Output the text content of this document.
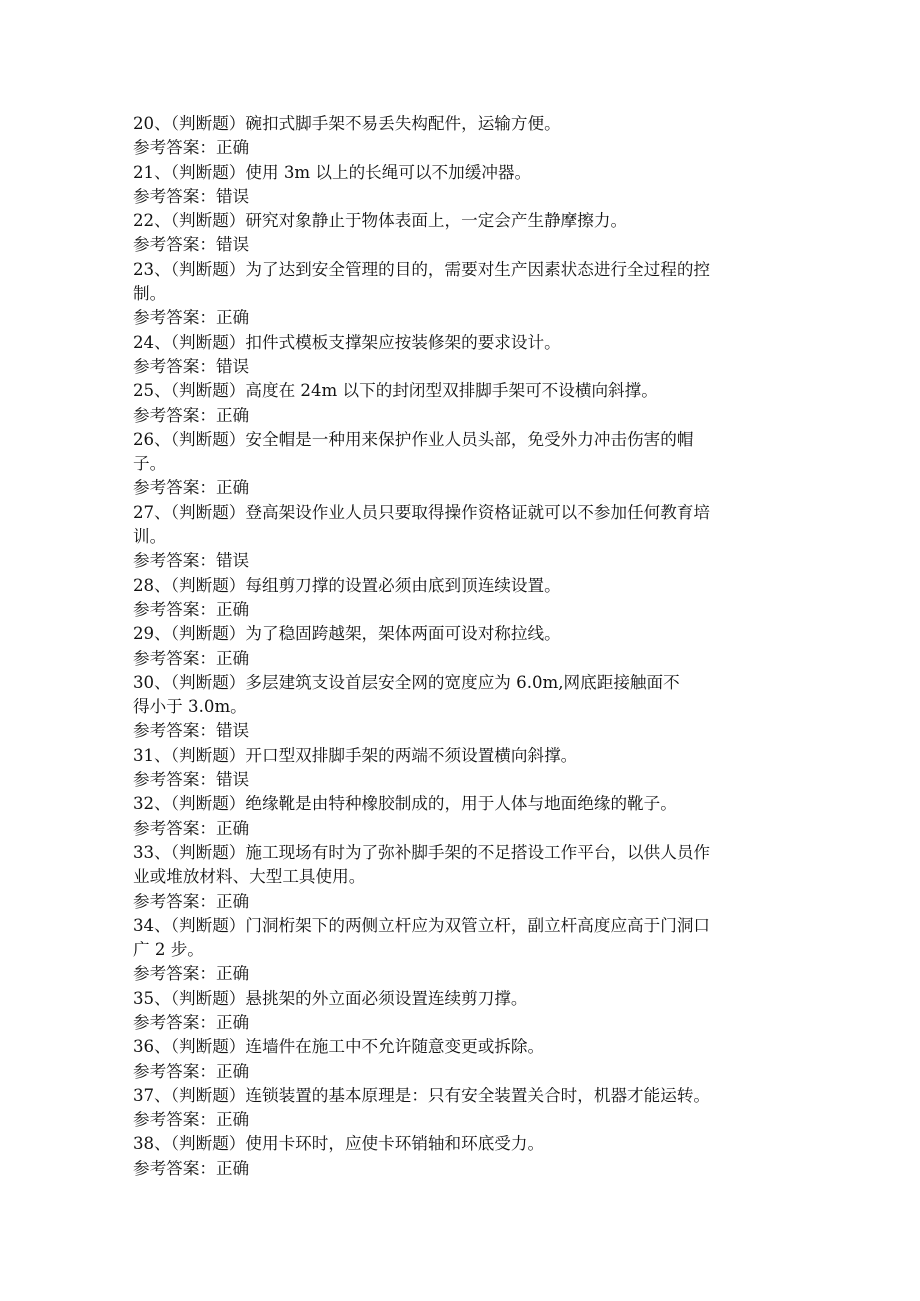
20、（判断题）碗扣式脚手架不易丢失构配件，运输方便。
参考答案：正确
21、（判断题）使用 3m 以上的长绳可以不加缓冲器。
参考答案：错误
22、（判断题）研究对象静止于物体表面上，一定会产生静摩擦力。
参考答案：错误
23、（判断题）为了达到安全管理的目的，需要对生产因素状态进行全过程的控
制。
参考答案：正确
24、（判断题）扣件式模板支撑架应按装修架的要求设计。
参考答案：错误
25、（判断题）高度在 24m 以下的封闭型双排脚手架可不设横向斜撑。
参考答案：正确
26、（判断题）安全帽是一种用来保护作业人员头部，免受外力冲击伤害的帽
子。
参考答案：正确
27、（判断题）登高架设作业人员只要取得操作资格证就可以不参加任何教育培
训。
参考答案：错误
28、（判断题）每组剪刀撑的设置必须由底到顶连续设置。
参考答案：正确
29、（判断题）为了稳固跨越架，架体两面可设对称拉线。
参考答案：正确
30、（判断题）多层建筑支设首层安全网的宽度应为 6.0m,网底距接触面不
得小于 3.0m。
参考答案：错误
31、（判断题）开口型双排脚手架的两端不须设置横向斜撑。
参考答案：错误
32、（判断题）绝缘靴是由特种橡胶制成的，用于人体与地面绝缘的靴子。
参考答案：正确
33、（判断题）施工现场有时为了弥补脚手架的不足搭设工作平台，以供人员作
业或堆放材料、大型工具使用。
参考答案：正确
34、（判断题）门洞桁架下的两侧立杆应为双管立杆，副立杆高度应高于门洞口
广 2 步。
参考答案：正确
35、（判断题）悬挑架的外立面必须设置连续剪刀撑。
参考答案：正确
36、（判断题）连墙件在施工中不允许随意变更或拆除。
参考答案：正确
37、（判断题）连锁装置的基本原理是：只有安全装置关合时，机器才能运转。
参考答案：正确
38、（判断题）使用卡环时，应使卡环销轴和环底受力。
参考答案：正确
